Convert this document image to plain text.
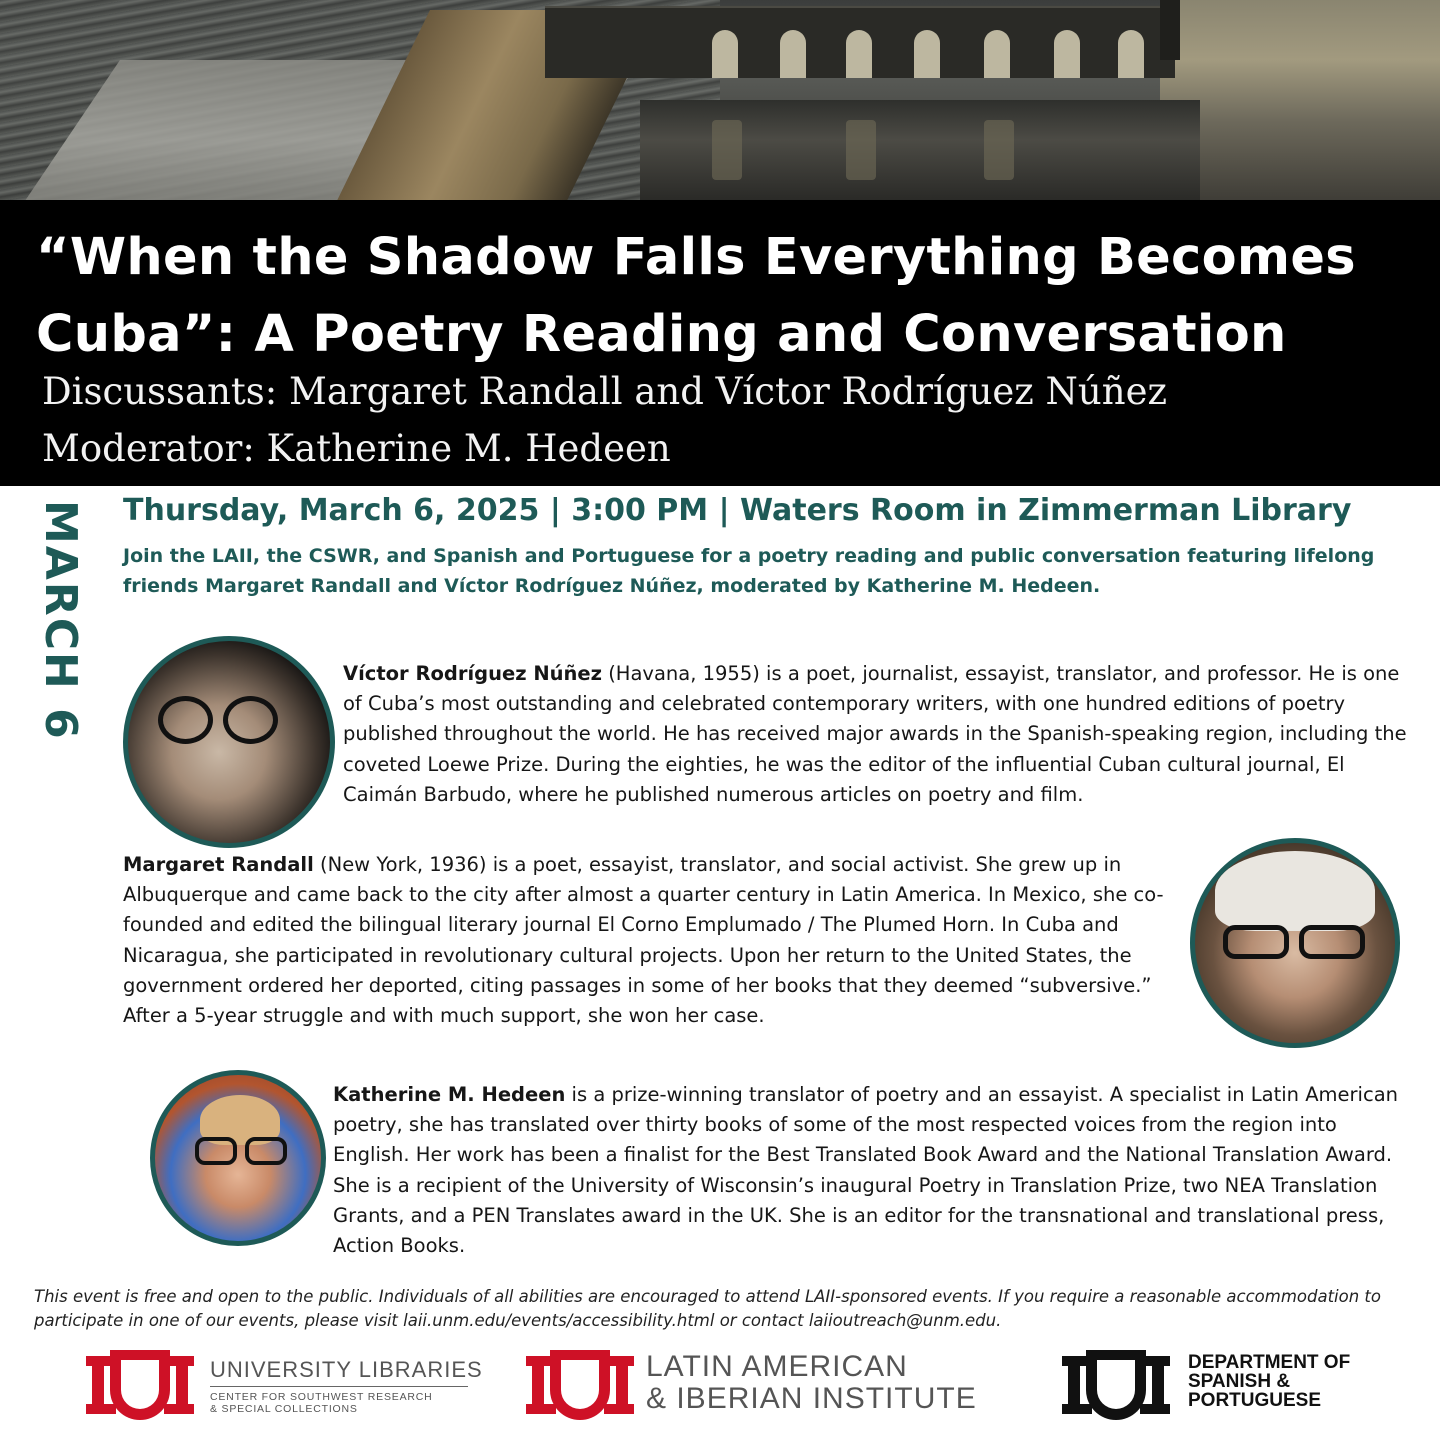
“When the Shadow Falls Everything Becomes Cuba”: A Poetry Reading and Conversation
Discussants: Margaret Randall and Víctor Rodríguez Núñez
Moderator: Katherine M. Hedeen
MARCH 6 Thursday, March 6, 2025 | 3:00 PM | Waters Room in Zimmerman Library

Join the LAII, the CSWR, and Spanish and Portuguese for a poetry reading and public conversation featuring lifelong friends Margaret Randall and Víctor Rodríguez Núñez, moderated by Katherine M. Hedeen.

Víctor Rodríguez Núñez (Havana, 1955) is a poet, journalist, essayist, translator, and professor. He is one of Cuba’s most outstanding and celebrated contemporary writers, with one hundred editions of poetry published throughout the world. He has received major awards in the Spanish-speaking region, including the coveted Loewe Prize. During the eighties, he was the editor of the influential Cuban cultural journal, El Caimán Barbudo, where he published numerous articles on poetry and film.

Margaret Randall (New York, 1936) is a poet, essayist, translator, and social activist. She grew up in Albuquerque and came back to the city after almost a quarter century in Latin America. In Mexico, she co-founded and edited the bilingual literary journal El Corno Emplumado / The Plumed Horn. In Cuba and Nicaragua, she participated in revolutionary cultural projects. Upon her return to the United States, the government ordered her deported, citing passages in some of her books that they deemed “subversive.” After a 5-year struggle and with much support, she won her case.

Katherine M. Hedeen is a prize-winning translator of poetry and an essayist. A specialist in Latin American poetry, she has translated over thirty books of some of the most respected voices from the region into English. Her work has been a finalist for the Best Translated Book Award and the National Translation Award. She is a recipient of the University of Wisconsin’s inaugural Poetry in Translation Prize, two NEA Translation Grants, and a PEN Translates award in the UK. She is an editor for the transnational and translational press, Action Books.

This event is free and open to the public. Individuals of all abilities are encouraged to attend LAII-sponsored events. If you require a reasonable accommodation to participate in one of our events, please visit laii.unm.edu/events/accessibility.html or contact laiioutreach@unm.edu.

UNIVERSITY LIBRARIES
CENTER FOR SOUTHWEST RESEARCH
& SPECIAL COLLECTIONS
LATIN AMERICAN
& IBERIAN INSTITUTE
DEPARTMENT OF
SPANISH &
PORTUGUESE
